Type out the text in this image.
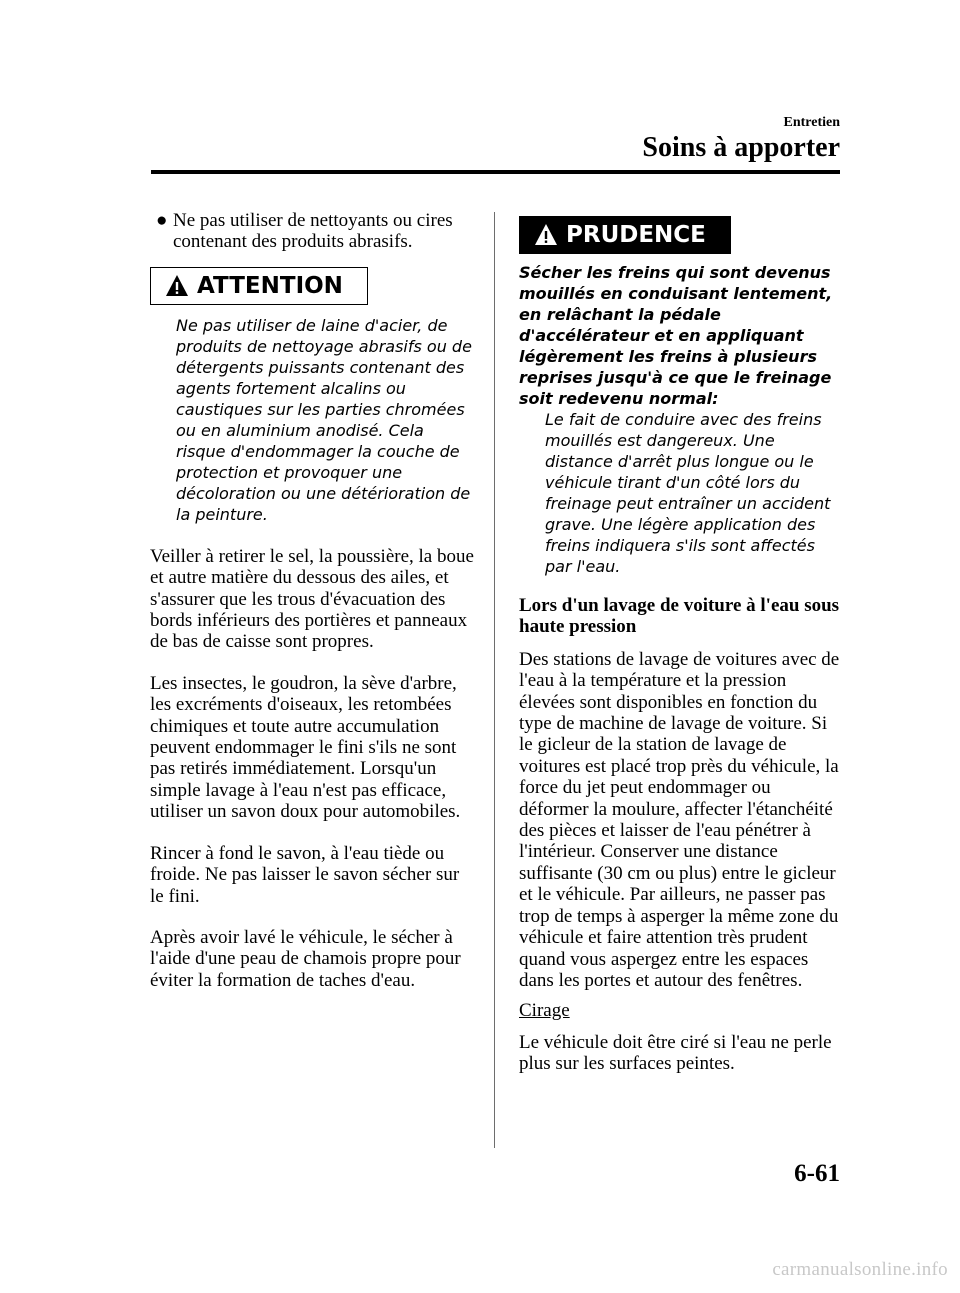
Entretien
Soins à apporter
● Ne pas utiliser de nettoyants ou cires contenant des produits abrasifs.
ATTENTION

Ne pas utiliser de laine d'acier, de produits de nettoyage abrasifs ou de détergents puissants contenant des agents fortement alcalins ou caustiques sur les parties chromées ou en aluminium anodisé. Cela risque d'endommager la couche de protection et provoquer une décoloration ou une détérioration de la peinture.

Veiller à retirer le sel, la poussière, la boue et autre matière du dessous des ailes, et s'assurer que les trous d'évacuation des bords inférieurs des portières et panneaux de bas de caisse sont propres.

Les insectes, le goudron, la sève d'arbre, les excréments d'oiseaux, les retombées chimiques et toute autre accumulation peuvent endommager le fini s'ils ne sont pas retirés immédiatement. Lorsqu'un simple lavage à l'eau n'est pas efficace, utiliser un savon doux pour automobiles.

Rincer à fond le savon, à l'eau tiède ou froide. Ne pas laisser le savon sécher sur le fini.

Après avoir lavé le véhicule, le sécher à l'aide d'une peau de chamois propre pour éviter la formation de taches d'eau.

PRUDENCE

Sécher les freins qui sont devenus mouillés en conduisant lentement, en relâchant la pédale d'accélérateur et en appliquant légèrement les freins à plusieurs reprises jusqu'à ce que le freinage soit redevenu normal:

Le fait de conduire avec des freins mouillés est dangereux. Une distance d'arrêt plus longue ou le véhicule tirant d'un côté lors du freinage peut entraîner un accident grave. Une légère application des freins indiquera s'ils sont affectés par l'eau.

Lors d'un lavage de voiture à l'eau sous haute pression

Des stations de lavage de voitures avec de l'eau à la température et la pression élevées sont disponibles en fonction du type de machine de lavage de voiture. Si le gicleur de la station de lavage de voitures est placé trop près du véhicule, la force du jet peut endommager ou déformer la moulure, affecter l'étanchéité des pièces et laisser de l'eau pénétrer à l'intérieur. Conserver une distance suffisante (30 cm ou plus) entre le gicleur et le véhicule. Par ailleurs, ne passer pas trop de temps à asperger la même zone du véhicule et faire attention très prudent quand vous aspergez entre les espaces dans les portes et autour des fenêtres.

Cirage

Le véhicule doit être ciré si l'eau ne perle plus sur les surfaces peintes.

6-61
carmanualsonline.info
